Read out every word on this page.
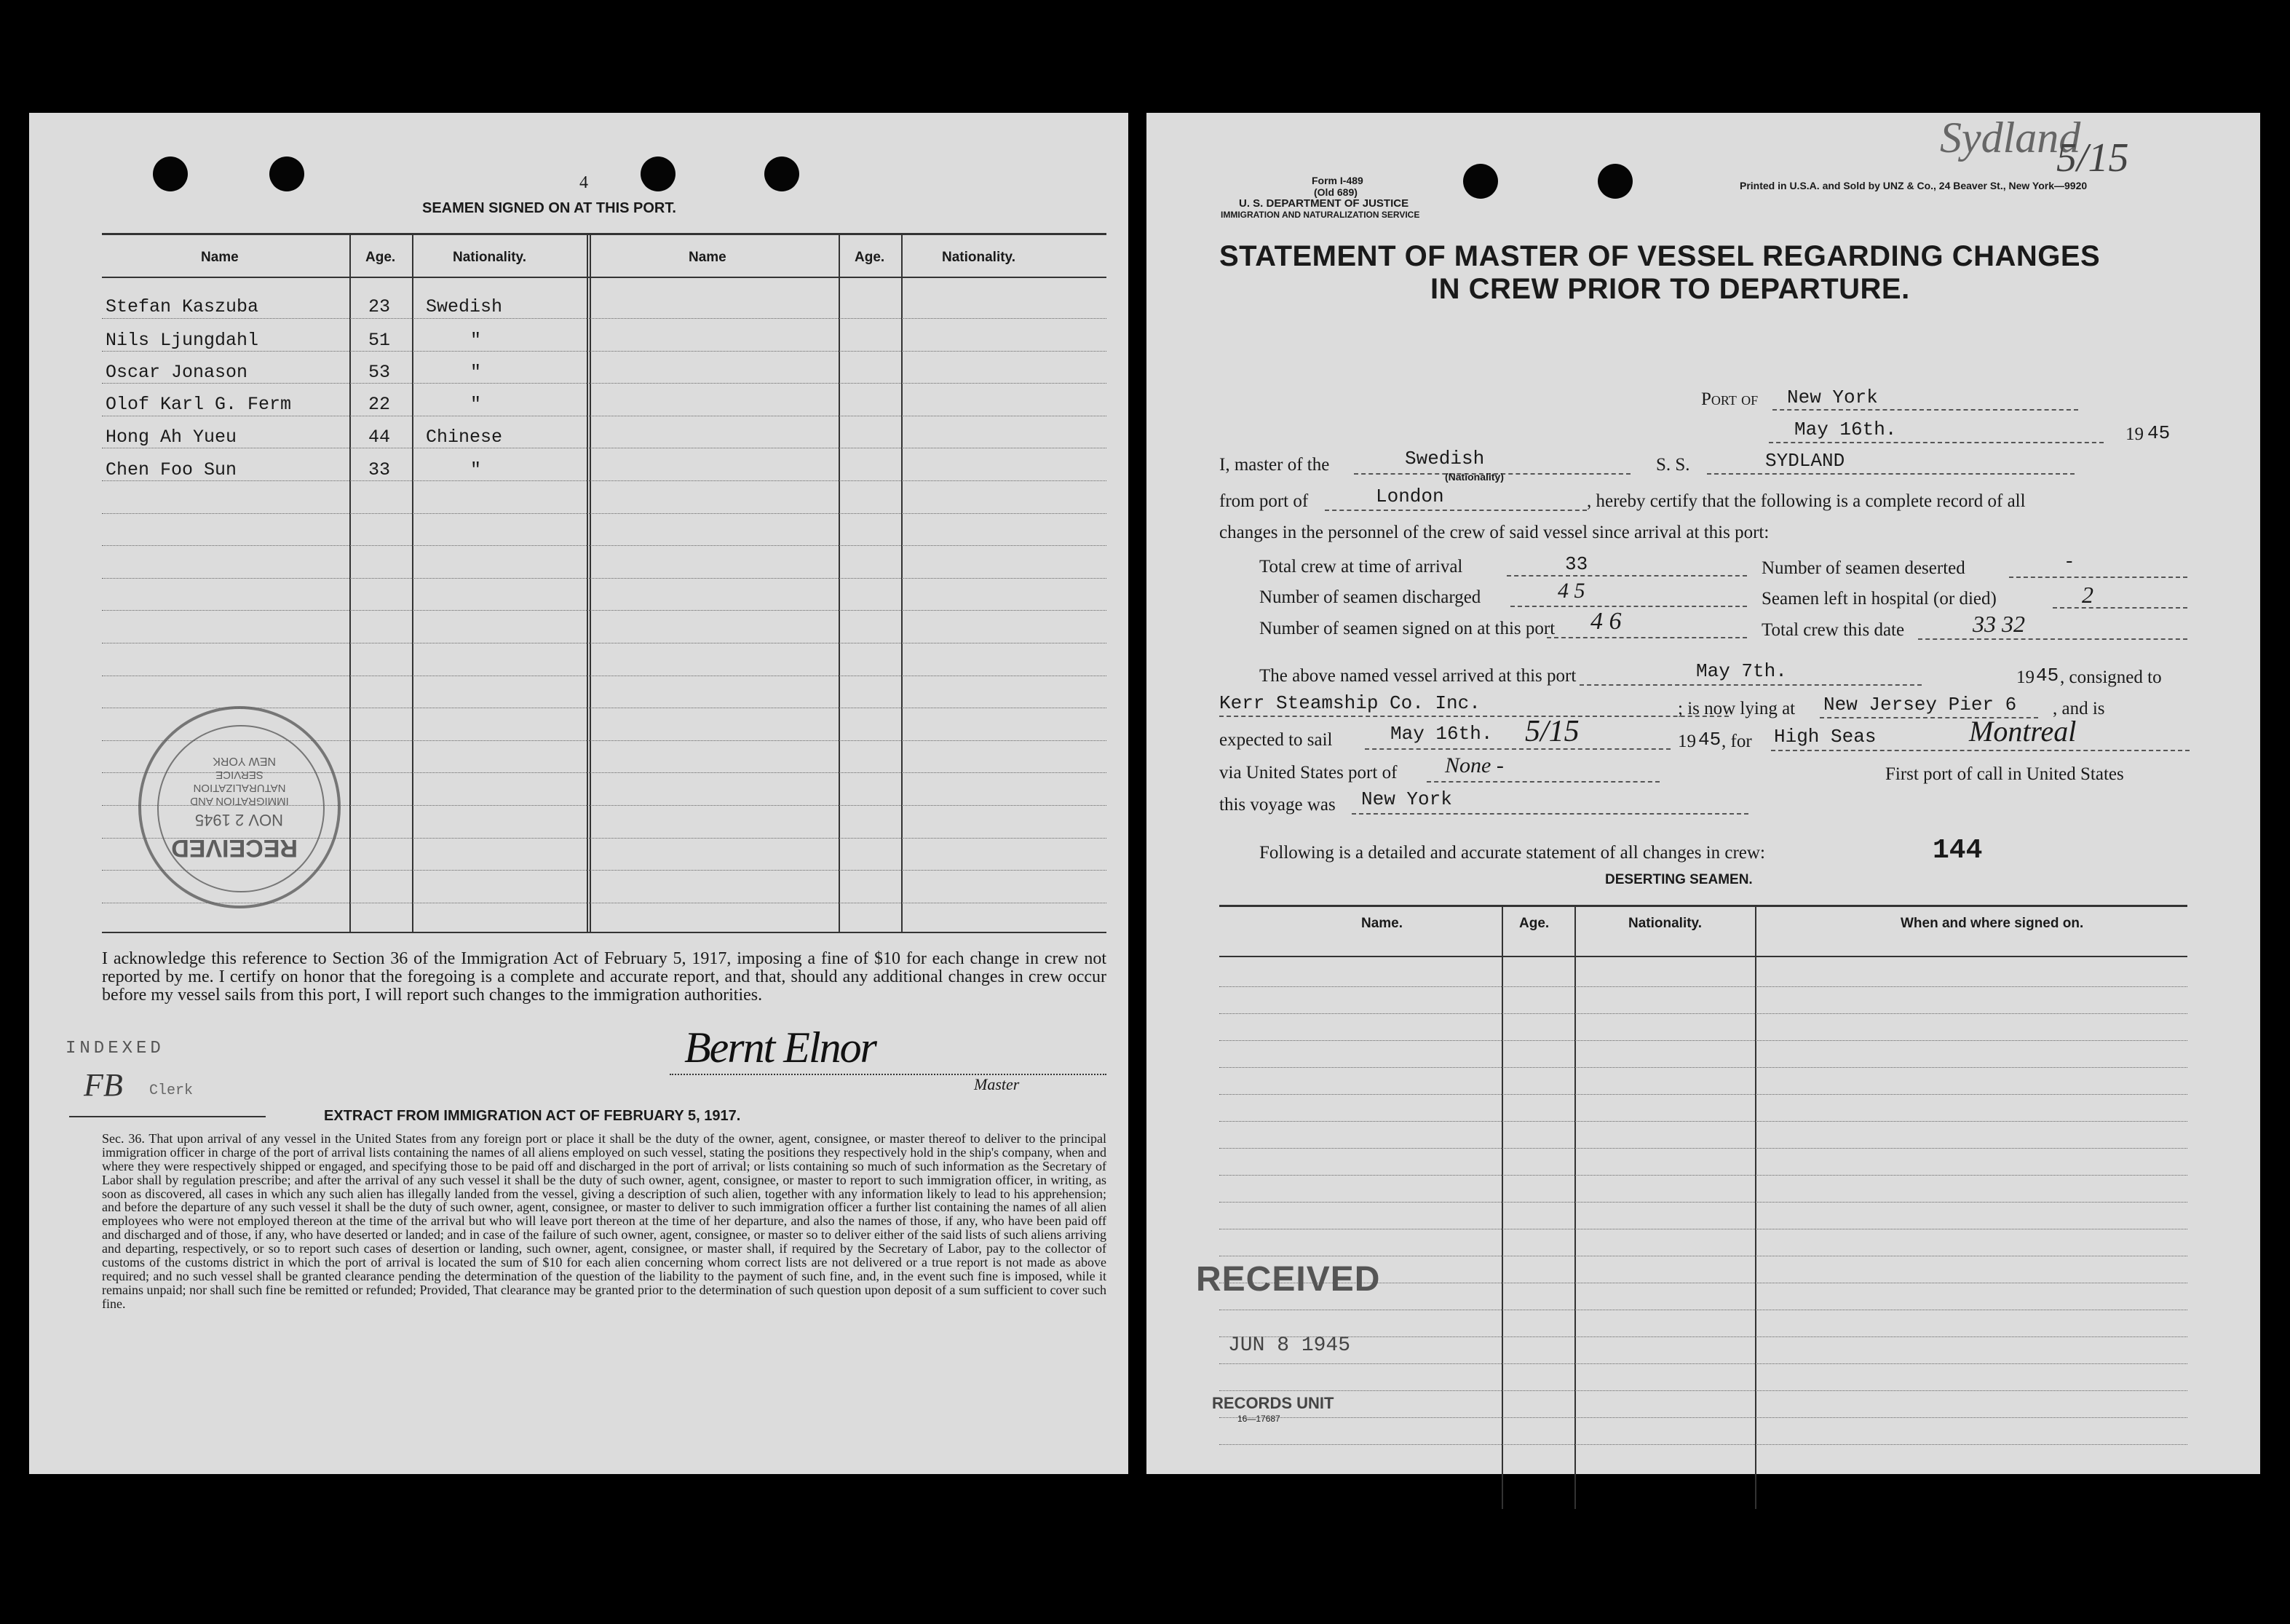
4
SEAMEN SIGNED ON AT THIS PORT.
Name	Age.	Nationality.	Name	Age.	Nationality.
Stefan Kaszuba	23 Swedish
Nils Ljungdahl	51	"
Oscar Jonason	53	"
Olof Karl G. Ferm	22	"
Hong Ah Yueu	44 Chinese
Chen Foo Sun	33	"
RECEIVED
NOV 2 1945
IMMIGRATION AND NATURALIZATION SERVICE
NEW YORK
I acknowledge this reference to Section 36 of the Immigration Act of February 5, 1917, imposing a fine of $10 for each change in crew not reported by me. I certify on honor that the foregoing is a complete and accurate report, and that, should any additional changes in crew occur before my vessel sails from this port, I will report such changes to the immigration authorities.
INDEXED
FB Clerk
Bernt Elnor
Master
EXTRACT FROM IMMIGRATION ACT OF FEBRUARY 5, 1917.
Sec. 36. That upon arrival of any vessel in the United States from any foreign port or place it shall be the duty of the owner, agent, consignee, or master thereof to deliver to the principal immigration officer in charge of the port of arrival lists containing the names of all aliens employed on such vessel, stating the positions they respectively hold in the ship's company, when and where they were respectively shipped or engaged, and specifying those to be paid off and discharged in the port of arrival; or lists containing so much of such information as the Secretary of Labor shall by regulation prescribe; and after the arrival of any such vessel it shall be the duty of such owner, agent, consignee, or master to report to such immigration officer, in writing, as soon as discovered, all cases in which any such alien has illegally landed from the vessel, giving a description of such alien, together with any information likely to lead to his apprehension; and before the departure of any such vessel it shall be the duty of such owner, agent, consignee, or master to deliver to such immigration officer a further list containing the names of all alien employees who were not employed thereon at the time of the arrival but who will leave port thereon at the time of her departure, and also the names of those, if any, who have been paid off and discharged and of those, if any, who have deserted or landed; and in case of the failure of such owner, agent, consignee, or master so to deliver either of the said lists of such aliens arriving and departing, respectively, or so to report such cases of desertion or landing, such owner, agent, consignee, or master shall, if required by the Secretary of Labor, pay to the collector of customs of the customs district in which the port of arrival is located the sum of $10 for each alien concerning whom correct lists are not delivered or a true report is not made as above required; and no such vessel shall be granted clearance pending the determination of the question of the liability to the payment of such fine, and, in the event such fine is imposed, while it remains unpaid; nor shall such fine be remitted or refunded; Provided, That clearance may be granted prior to the determination of such question upon deposit of a sum sufficient to cover such fine.
Form I-489
(Old 689)
U. S. DEPARTMENT OF JUSTICE
IMMIGRATION AND NATURALIZATION SERVICE
Printed in U.S.A. and Sold by UNZ & Co., 24 Beaver St., New York—9920
Sydland
5/15
STATEMENT OF MASTER OF VESSEL REGARDING CHANGES
IN CREW PRIOR TO DEPARTURE.
Port of New York
May 16th.	19 45
I, master of the	Swedish
(Nationality)
S. S.	SYDLAND
from port of	London	, hereby certify that the following is a complete record of all
changes in the personnel of the crew of said vessel since arrival at this port:
Total crew at time of arrival	33	Number of seamen deserted	-
Number of seamen discharged	4 5	Seamen left in hospital (or died)	2
Number of seamen signed on at this port 4 6	Total crew this date	33 32
The above named vessel arrived at this port	May 7th.	19 45 , consigned to
Kerr Steamship Co. Inc.	; is now lying at New Jersey Pier 6 , and is
expected to sail	May 16th. 5/15	19 45 , for High Seas	Montreal
via United States port of None -	First port of call in United States
this voyage was New York
Following is a detailed and accurate statement of all changes in crew:	144
DESERTING SEAMEN.
Name.	Age.	Nationality.	When and where signed on.
RECEIVED
JUN 8 1945
RECORDS UNIT
16—17687
